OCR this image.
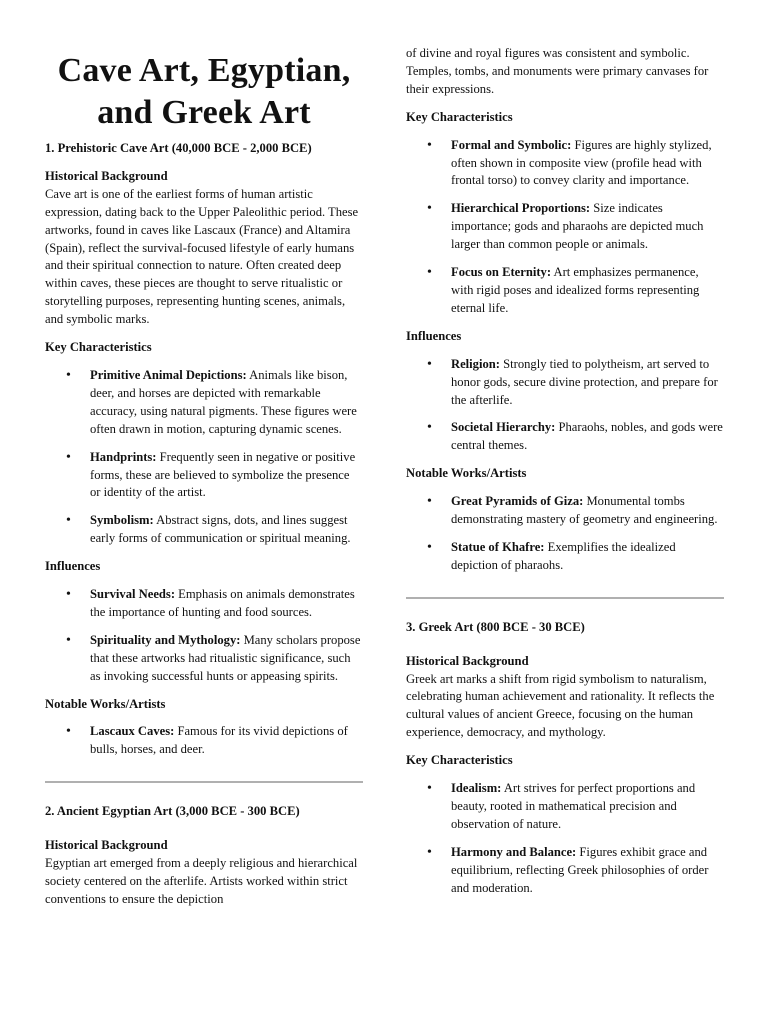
Cave Art, Egyptian, and Greek Art
1. Prehistoric Cave Art (40,000 BCE - 2,000 BCE)
Historical Background

Cave art is one of the earliest forms of human artistic expression, dating back to the Upper Paleolithic period. These artworks, found in caves like Lascaux (France) and Altamira (Spain), reflect the survival-focused lifestyle of early humans and their spiritual connection to nature. Often created deep within caves, these pieces are thought to serve ritualistic or storytelling purposes, representing hunting scenes, animals, and symbolic marks.

Key Characteristics
• Primitive Animal Depictions: Animals like bison, deer, and horses are depicted with remarkable accuracy, using natural pigments. These figures were often drawn in motion, capturing dynamic scenes.
• Handprints: Frequently seen in negative or positive forms, these are believed to symbolize the presence or identity of the artist.
• Symbolism: Abstract signs, dots, and lines suggest early forms of communication or spiritual meaning.
Influences
• Survival Needs: Emphasis on animals demonstrates the importance of hunting and food sources.
• Spirituality and Mythology: Many scholars propose that these artworks had ritualistic significance, such as invoking successful hunts or appeasing spirits.
Notable Works/Artists
• Lascaux Caves: Famous for its vivid depictions of bulls, horses, and deer.
2. Ancient Egyptian Art (3,000 BCE - 300 BCE)
Historical Background

Egyptian art emerged from a deeply religious and hierarchical society centered on the afterlife. Artists worked within strict conventions to ensure the depiction

of divine and royal figures was consistent and symbolic. Temples, tombs, and monuments were primary canvases for their expressions.

Key Characteristics
• Formal and Symbolic: Figures are highly stylized, often shown in composite view (profile head with frontal torso) to convey clarity and importance.
• Hierarchical Proportions: Size indicates importance; gods and pharaohs are depicted much larger than common people or animals.
• Focus on Eternity: Art emphasizes permanence, with rigid poses and idealized forms representing eternal life.
Influences
• Religion: Strongly tied to polytheism, art served to honor gods, secure divine protection, and prepare for the afterlife.
• Societal Hierarchy: Pharaohs, nobles, and gods were central themes.
Notable Works/Artists
• Great Pyramids of Giza: Monumental tombs demonstrating mastery of geometry and engineering.
• Statue of Khafre: Exemplifies the idealized depiction of pharaohs.
3. Greek Art (800 BCE - 30 BCE)
Historical Background

Greek art marks a shift from rigid symbolism to naturalism, celebrating human achievement and rationality. It reflects the cultural values of ancient Greece, focusing on the human experience, democracy, and mythology.

Key Characteristics
• Idealism: Art strives for perfect proportions and beauty, rooted in mathematical precision and observation of nature.
• Harmony and Balance: Figures exhibit grace and equilibrium, reflecting Greek philosophies of order and moderation.
